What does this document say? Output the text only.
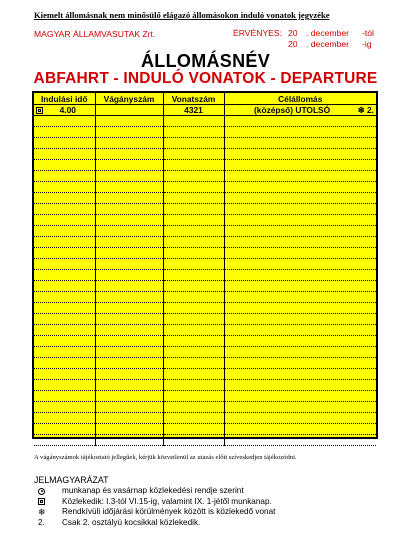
Kiemelt állomásnak nem minősülő elágazó állomásokon induló vonatok jegyzéke
MAGYAR ÁLLAMVASUTAK Zrt.	ÉRVÉNYES: 20 . december	-tól
20 . december	-ig
ÁLLOMÁSNÉV
ABFAHRT - INDULÓ VONATOK - DEPARTURE
Indulási idő	Vágányszám	Vonatszám	Célállomás

4.00		4321	(középső) UTOLSÓ ❄ 2.

A vágányszámok tájékoztató jellegűek, kérjük közvetlenül az utazás előtt szíveskedjen tájékozódni.
JELMAGYARÁZAT
munkanap és vasárnap közlekedési rendje szerint
Közlekedik: I.3-tól VI.15-ig, valamint IX. 1-jétől munkanap.
❄ Rendkívüli időjárási körülmények között is közlekedő vonat
2.	Csak 2. osztályú kocsikkal közlekedik.
